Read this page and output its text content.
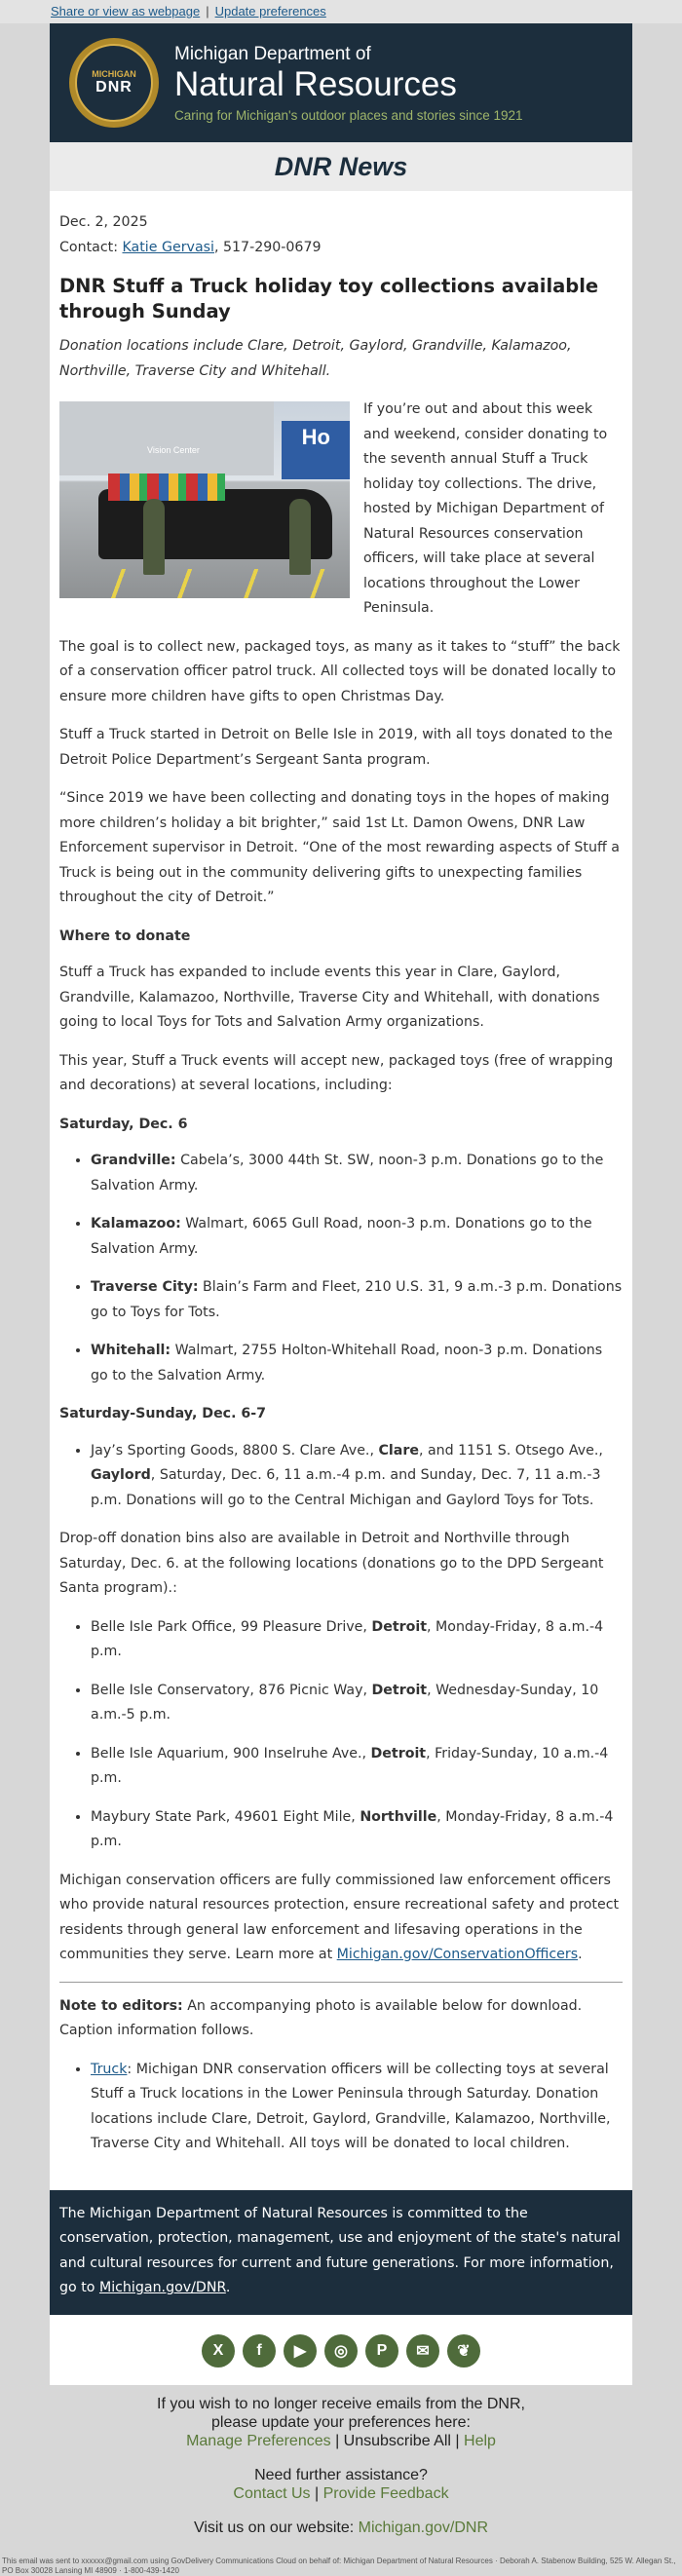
Share or view as webpage | Update preferences
MICHIGAN
DNR
Michigan Department of
Natural Resources
Caring for Michigan's outdoor places and stories since 1921
DNR News

Dec. 2, 2025

Contact: Katie Gervasi, 517-290-0679

DNR Stuff a Truck holiday toy collections available through Sunday

Donation locations include Clare, Detroit, Gaylord, Grandville, Kalamazoo, Northville, Traverse City and Whitehall.

Vision Center
Ho

If you’re out and about this week and weekend, consider donating to the seventh annual Stuff a Truck holiday toy collections. The drive, hosted by Michigan Department of Natural Resources conservation officers, will take place at several locations throughout the Lower Peninsula.

The goal is to collect new, packaged toys, as many as it takes to “stuff” the back of a conservation officer patrol truck. All collected toys will be donated locally to ensure more children have gifts to open Christmas Day.

Stuff a Truck started in Detroit on Belle Isle in 2019, with all toys donated to the Detroit Police Department’s Sergeant Santa program.

“Since 2019 we have been collecting and donating toys in the hopes of making more children’s holiday a bit brighter,” said 1st Lt. Damon Owens, DNR Law Enforcement supervisor in Detroit. “One of the most rewarding aspects of Stuff a Truck is being out in the community delivering gifts to unexpecting families throughout the city of Detroit.”

Where to donate

Stuff a Truck has expanded to include events this year in Clare, Gaylord, Grandville, Kalamazoo, Northville, Traverse City and Whitehall, with donations going to local Toys for Tots and Salvation Army organizations.

This year, Stuff a Truck events will accept new, packaged toys (free of wrapping and decorations) at several locations, including:

Saturday, Dec. 6
• Grandville: Cabela’s, 3000 44th St. SW, noon-3 p.m. Donations go to the Salvation Army.
• Kalamazoo: Walmart, 6065 Gull Road, noon-3 p.m. Donations go to the Salvation Army.
• Traverse City: Blain’s Farm and Fleet, 210 U.S. 31, 9 a.m.-3 p.m. Donations go to Toys for Tots.
• Whitehall: Walmart, 2755 Holton-Whitehall Road, noon-3 p.m. Donations go to the Salvation Army.
Saturday-Sunday, Dec. 6-7
• Jay’s Sporting Goods, 8800 S. Clare Ave., Clare, and 1151 S. Otsego Ave., Gaylord, Saturday, Dec. 6, 11 a.m.-4 p.m. and Sunday, Dec. 7, 11 a.m.-3 p.m. Donations will go to the Central Michigan and Gaylord Toys for Tots.

Drop-off donation bins also are available in Detroit and Northville through Saturday, Dec. 6. at the following locations (donations go to the DPD Sergeant Santa program).:

• Belle Isle Park Office, 99 Pleasure Drive, Detroit, Monday-Friday, 8 a.m.-4 p.m.
• Belle Isle Conservatory, 876 Picnic Way, Detroit, Wednesday-Sunday, 10 a.m.-5 p.m.
• Belle Isle Aquarium, 900 Inselruhe Ave., Detroit, Friday-Sunday, 10 a.m.-4 p.m.
• Maybury State Park, 49601 Eight Mile, Northville, Monday-Friday, 8 a.m.-4 p.m.

Michigan conservation officers are fully commissioned law enforcement officers who provide natural resources protection, ensure recreational safety and protect residents through general law enforcement and lifesaving operations in the communities they serve. Learn more at Michigan.gov/ConservationOfficers.

Note to editors: An accompanying photo is available below for download. Caption information follows.

• Truck: Michigan DNR conservation officers will be collecting toys at several Stuff a Truck locations in the Lower Peninsula through Saturday. Donation locations include Clare, Detroit, Gaylord, Grandville, Kalamazoo, Northville, Traverse City and Whitehall. All toys will be donated to local children.
The Michigan Department of Natural Resources is committed to the conservation, protection, management, use and enjoyment of the state's natural and cultural resources for current and future generations. For more information, go to Michigan.gov/DNR.
X	f	▶	◎	P	✉	❦
If you wish to no longer receive emails from the DNR,
please update your preferences here:
Manage Preferences | Unsubscribe All | Help
Need further assistance?
Contact Us | Provide Feedback
Visit us on our website: Michigan.gov/DNR
This email was sent to xxxxxx@gmail.com using GovDelivery Communications Cloud on behalf of: Michigan Department of Natural Resources · Deborah A. Stabenow Building, 525 W. Allegan St., PO Box 30028 Lansing MI 48909 · 1-800-439-1420
